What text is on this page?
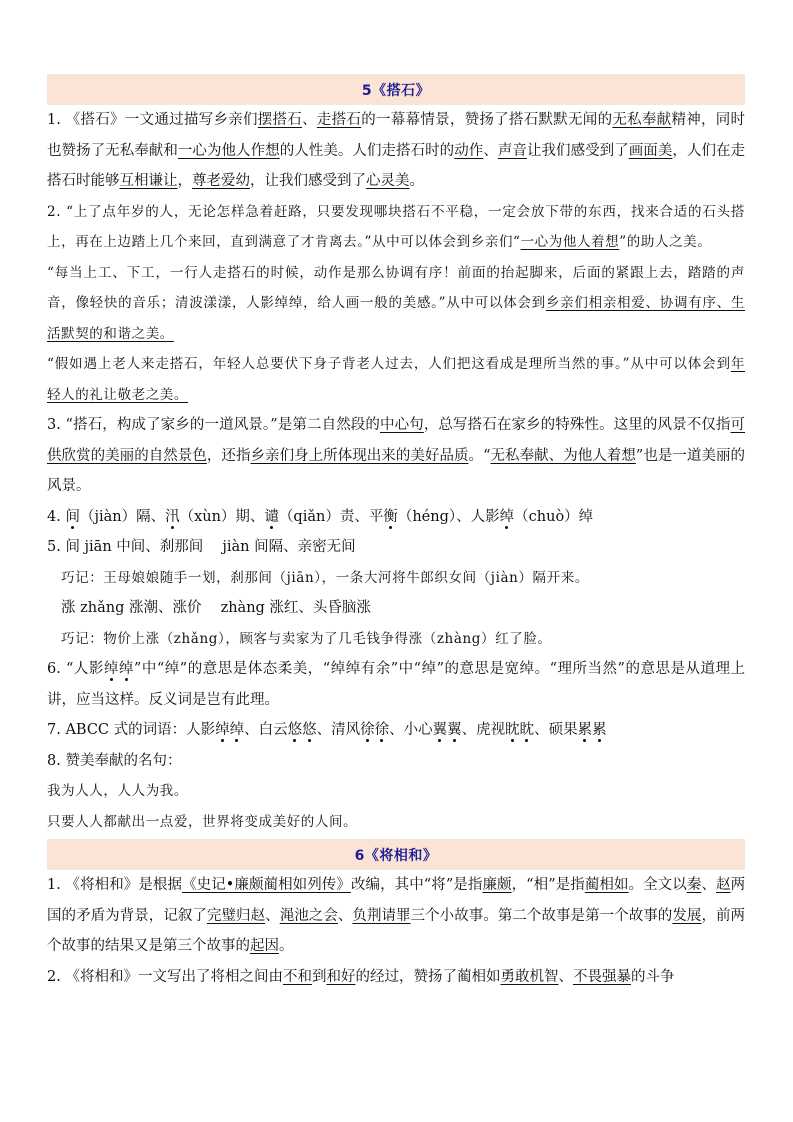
5《搭石》

1. 《搭石》一文通过描写乡亲们摆搭石、走搭石的一幕幕情景，赞扬了搭石默默无闻的无私奉献精神，同时也赞扬了无私奉献和一心为他人作想的人性美。人们走搭石时的动作、声音让我们感受到了画面美，人们在走搭石时能够互相谦让，尊老爱幼，让我们感受到了心灵美。

2. “上了点年岁的人，无论怎样急着赶路，只要发现哪块搭石不平稳，一定会放下带的东西，找来合适的石头搭上，再在上边踏上几个来回，直到满意了才肯离去。”从中可以体会到乡亲们“一心为他人着想”的助人之美。

“每当上工、下工，一行人走搭石的时候，动作是那么协调有序！前面的抬起脚来，后面的紧跟上去，踏踏的声音，像轻快的音乐；清波漾漾，人影绰绰，给人画一般的美感。”从中可以体会到乡亲们相亲相爱、协调有序、生活默契的和谐之美。

“假如遇上老人来走搭石，年轻人总要伏下身子背老人过去，人们把这看成是理所当然的事。”从中可以体会到年轻人的礼让敬老之美。

3. “搭石，构成了家乡的一道风景。”是第二自然段的中心句，总写搭石在家乡的特殊性。这里的风景不仅指可供欣赏的美丽的自然景色，还指乡亲们身上所体现出来的美好品质。“无私奉献、为他人着想”也是一道美丽的风景。

4. 间（jiàn）隔、汛（xùn）期、谴（qiǎn）责、平衡（héng）、人影绰（chuò）绰

5. 间 jiān 中间、刹那间　 jiàn 间隔、亲密无间

巧记：王母娘娘随手一划，刹那间（jiān），一条大河将牛郎织女间（jiàn）隔开来。

涨 zhǎng 涨潮、涨价　 zhàng 涨红、头昏脑涨

巧记：物价上涨（zhǎng），顾客与卖家为了几毛钱争得涨（zhàng）红了脸。

6. “人影绰绰”中“绰”的意思是体态柔美，“绰绰有余”中“绰”的意思是宽绰。“理所当然”的意思是从道理上讲，应当这样。反义词是岂有此理。

7. ABCC 式的词语：人影绰绰、白云悠悠、清风徐徐、小心翼翼、虎视眈眈、硕果累累

8. 赞美奉献的名句：

我为人人，人人为我。

只要人人都献出一点爱，世界将变成美好的人间。

6《将相和》

1. 《将相和》是根据《史记•廉颇蔺相如列传》改编，其中“将”是指廉颇，“相”是指蔺相如。全文以秦、赵两国的矛盾为背景，记叙了完璧归赵、渑池之会、负荆请罪三个小故事。第二个故事是第一个故事的发展，前两个故事的结果又是第三个故事的起因。

2. 《将相和》一文写出了将相之间由不和到和好的经过，赞扬了蔺相如勇敢机智、不畏强暴的斗争
